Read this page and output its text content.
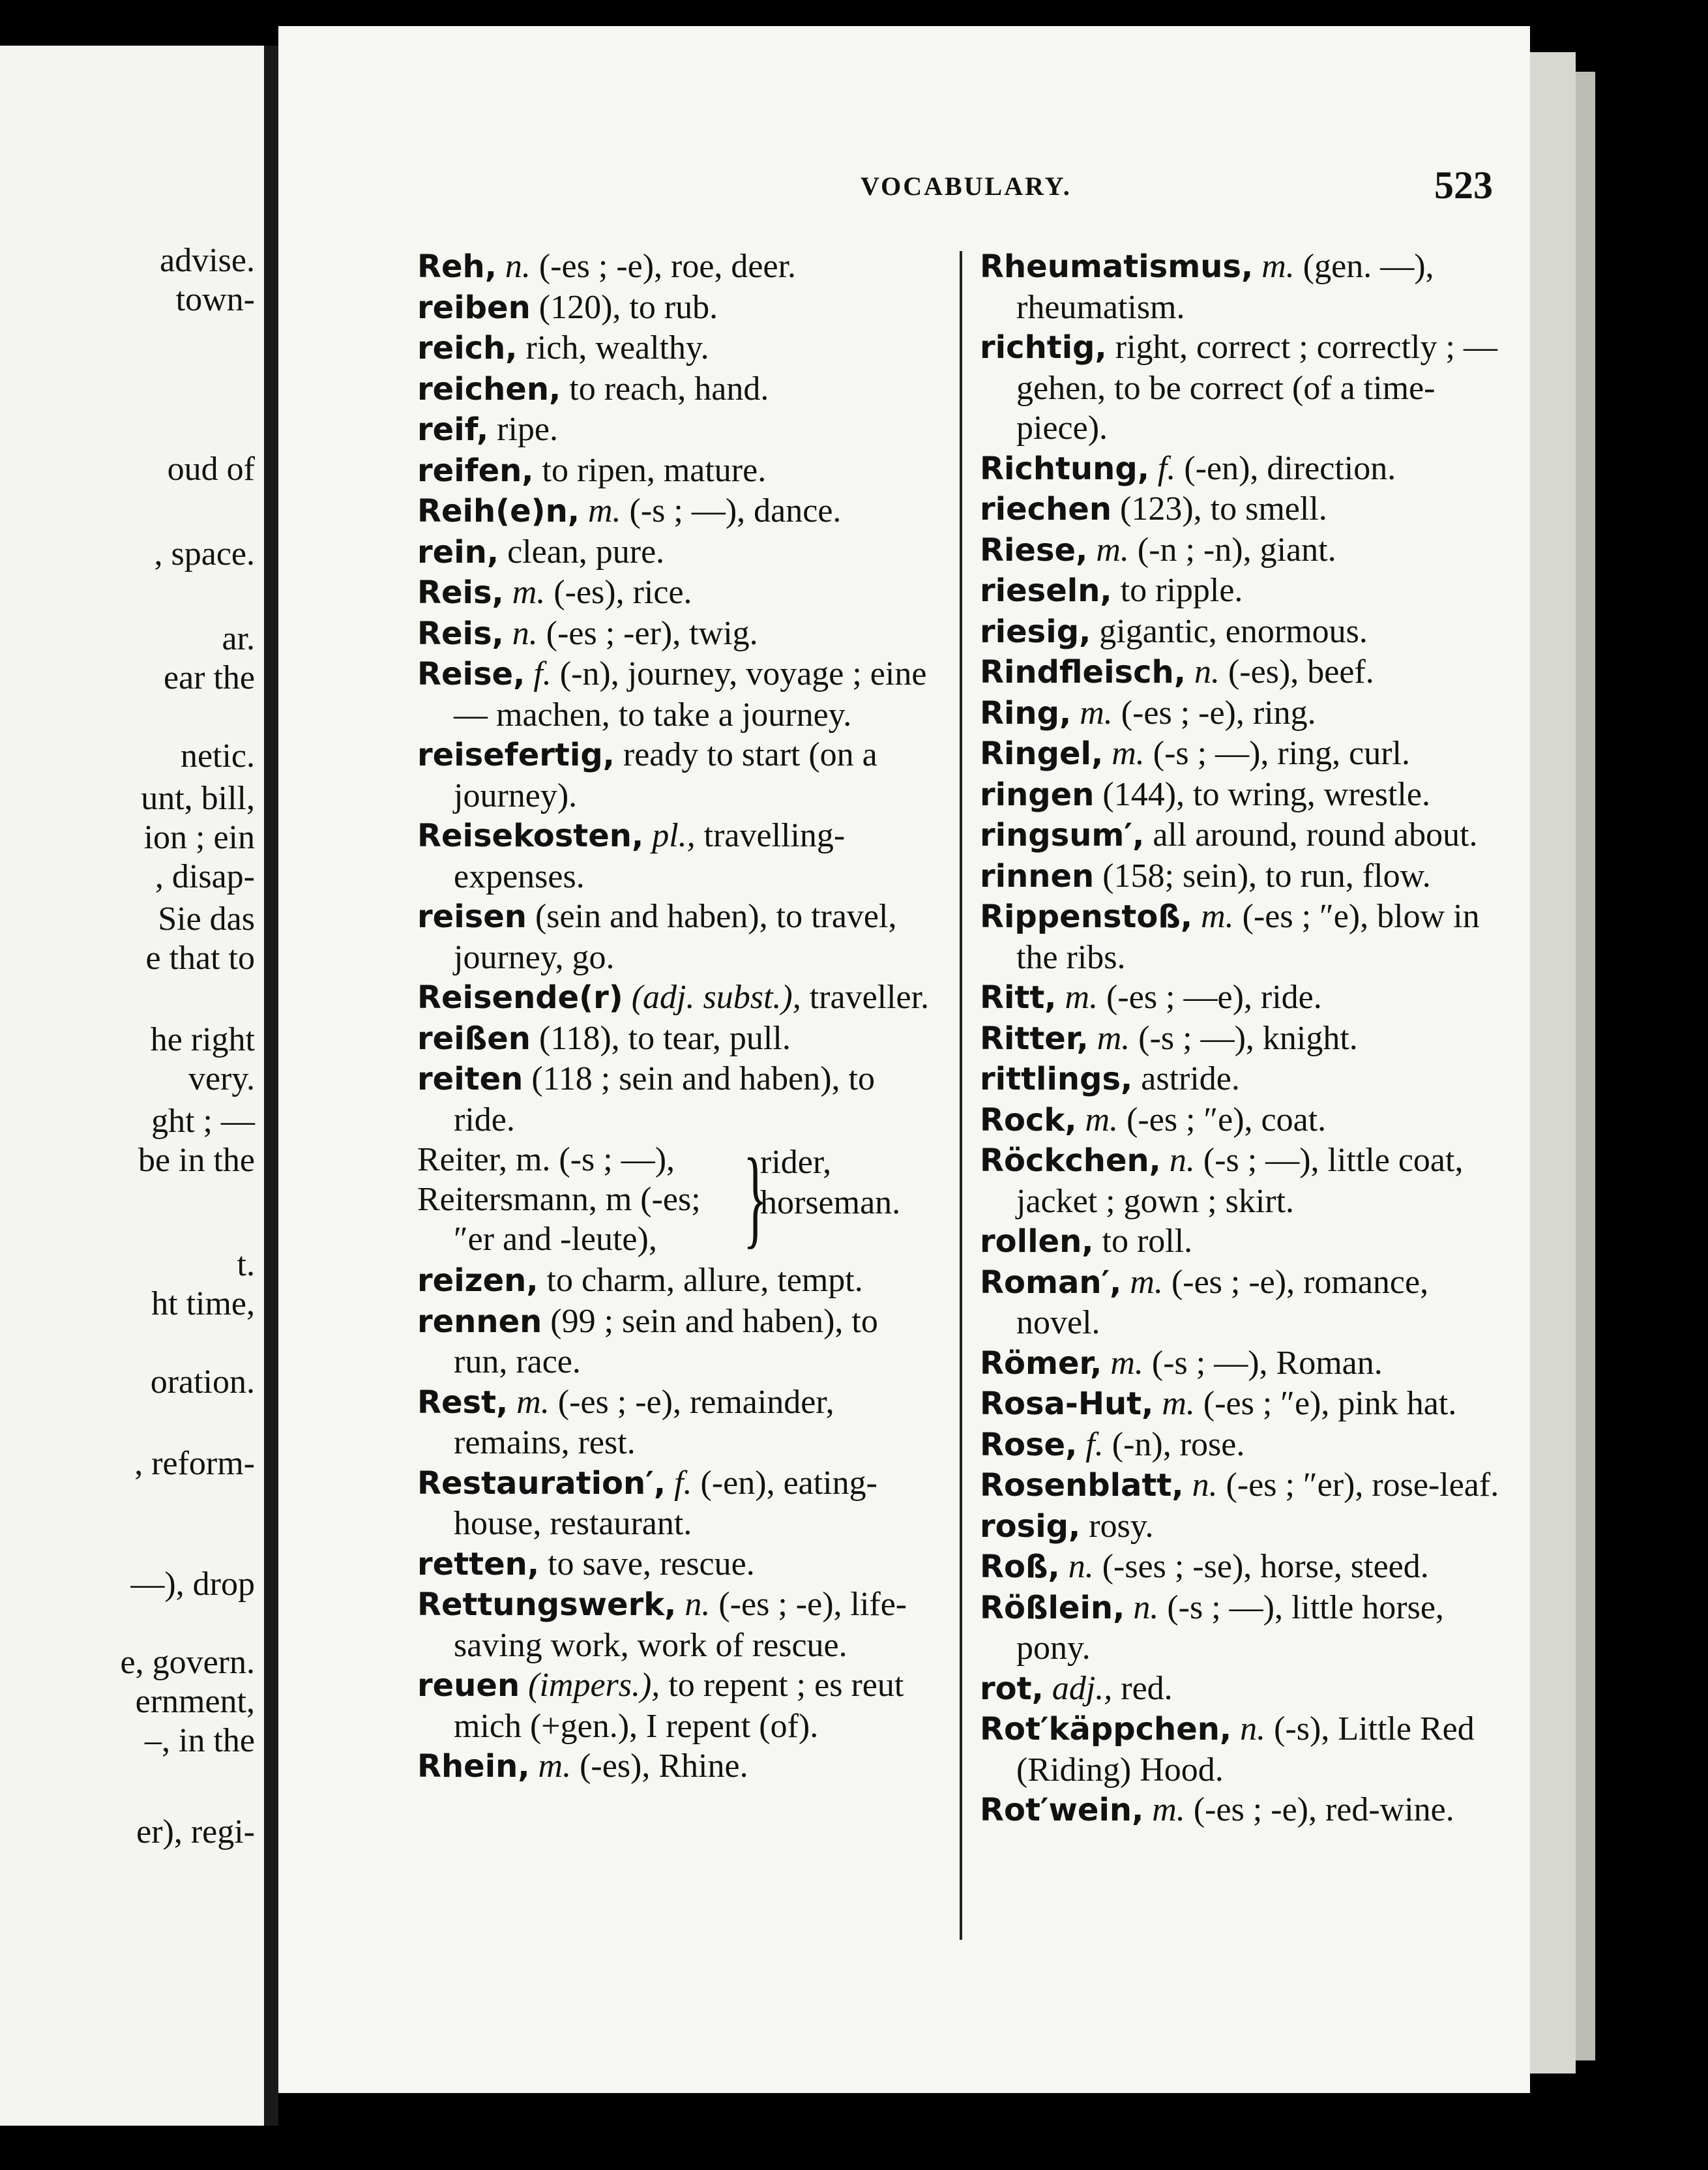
advise.
town-
oud of
, space.
ar.
ear the
netic.
unt, bill,
ion ; ein
, disap-
Sie das
e that to
he right
very.
ght ; —
be in the
t.
ht time,
oration.
, reform-
—), drop
e, govern.
ernment,
–, in the
er), regi-
VOCABULARY.	523

Reh, n. (-es ; -e), roe, deer.

reiben (120), to rub.

reich, rich, wealthy.

reichen, to reach, hand.

reif, ripe.

reifen, to ripen, mature.

Reih(e)n, m. (-s ; —), dance.

rein, clean, pure.

Reis, m. (-es), rice.

Reis, n. (-es ; -er), twig.

Reise, f. (-n), journey, voyage ; eine — machen, to take a journey.

reisefertig, ready to start (on a journey).

Reisekosten, pl., travelling-expenses.

reisen (sein and haben), to travel, journey, go.

Reisende(r) (adj. subst.), traveller.

reißen (118), to tear, pull.

reiten (118 ; sein and haben), to ride.

Reiter, m. (-s ; —),
Reitersmann, m (-es;
″er and -leute), }
rider,
horseman.

reizen, to charm, allure, tempt.

rennen (99 ; sein and haben), to run, race.

Rest, m. (-es ; -e), remainder, remains, rest.

Restauration′, f. (-en), eating-house, restaurant.

retten, to save, rescue.

Rettungswerk, n. (-es ; -e), life-saving work, work of rescue.

reuen (impers.), to repent ; es reut mich (+gen.), I repent (of).

Rhein, m. (-es), Rhine.

Rheumatismus, m. (gen. —), rheumatism.

richtig, right, correct ; correctly ; — gehen, to be correct (of a time-piece).

Richtung, f. (-en), direction.

riechen (123), to smell.

Riese, m. (-n ; -n), giant.

rieseln, to ripple.

riesig, gigantic, enormous.

Rindfleisch, n. (-es), beef.

Ring, m. (-es ; -e), ring.

Ringel, m. (-s ; —), ring, curl.

ringen (144), to wring, wrestle.

ringsum′, all around, round about.

rinnen (158; sein), to run, flow.

Rippenstoß, m. (-es ; ″e), blow in the ribs.

Ritt, m. (-es ; —e), ride.

Ritter, m. (-s ; —), knight.

rittlings, astride.

Rock, m. (-es ; ″e), coat.

Röckchen, n. (-s ; —), little coat, jacket ; gown ; skirt.

rollen, to roll.

Roman′, m. (-es ; -e), romance, novel.

Römer, m. (-s ; —), Roman.

Rosa-Hut, m. (-es ; ″e), pink hat.

Rose, f. (-n), rose.

Rosenblatt, n. (-es ; ″er), rose-leaf.

rosig, rosy.

Roß, n. (-ses ; -se), horse, steed.

Rößlein, n. (-s ; —), little horse, pony.

rot, adj., red.

Rot′käppchen, n. (-s), Little Red (Riding) Hood.

Rot′wein, m. (-es ; -e), red-wine.
